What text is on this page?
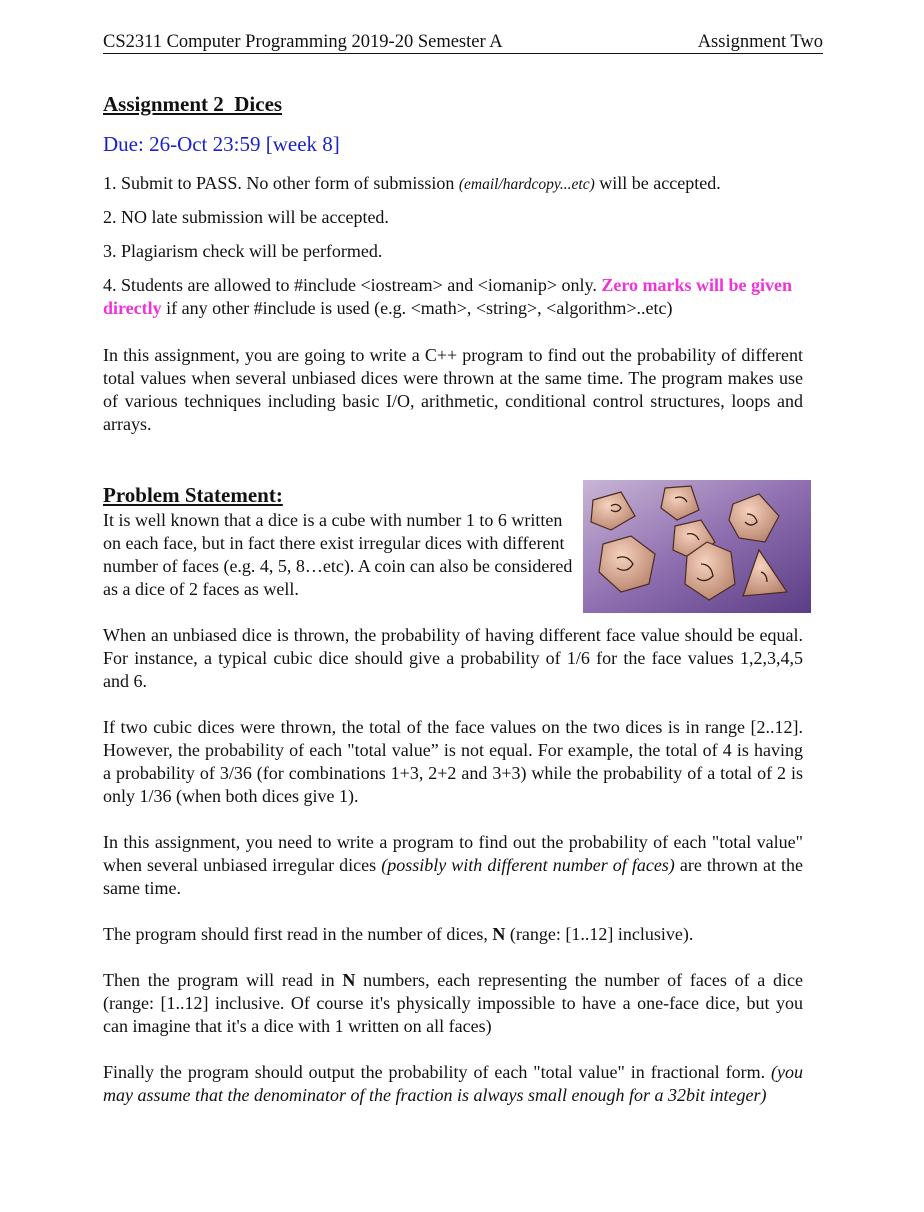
CS2311 Computer Programming 2019-20 Semester A	Assignment Two
Assignment 2  Dices
Due: 26-Oct 23:59 [week 8]
1. Submit to PASS. No other form of submission (email/hardcopy...etc) will be accepted.
2. NO late submission will be accepted.
3. Plagiarism check will be performed.
4. Students are allowed to #include <iostream> and <iomanip> only. Zero marks will be given directly if any other #include is used (e.g. <math>, <string>, <algorithm>..etc)
In this assignment, you are going to write a C++ program to find out the probability of different total values when several unbiased dices were thrown at the same time. The program makes use of various techniques including basic I/O, arithmetic, conditional control structures, loops and arrays.
Problem Statement:
It is well known that a dice is a cube with number 1 to 6 written on each face, but in fact there exist irregular dices with different number of faces (e.g. 4, 5, 8…etc). A coin can also be considered as a dice of 2 faces as well.
When an unbiased dice is thrown, the probability of having different face value should be equal. For instance, a typical cubic dice should give a probability of 1/6 for the face values 1,2,3,4,5 and 6.
If two cubic dices were thrown, the total of the face values on the two dices is in range [2..12]. However, the probability of each "total value” is not equal. For example, the total of 4 is having a probability of 3/36 (for combinations 1+3, 2+2 and 3+3) while the probability of a total of 2 is only 1/36 (when both dices give 1).
In this assignment, you need to write a program to find out the probability of each "total value" when several unbiased irregular dices (possibly with different number of faces) are thrown at the same time.
The program should first read in the number of dices, N (range: [1..12] inclusive).
Then the program will read in N numbers, each representing the number of faces of a dice (range: [1..12] inclusive. Of course it's physically impossible to have a one-face dice, but you can imagine that it's a dice with 1 written on all faces)
Finally the program should output the probability of each "total value" in fractional form. (you may assume that the denominator of the fraction is always small enough for a 32bit integer)
